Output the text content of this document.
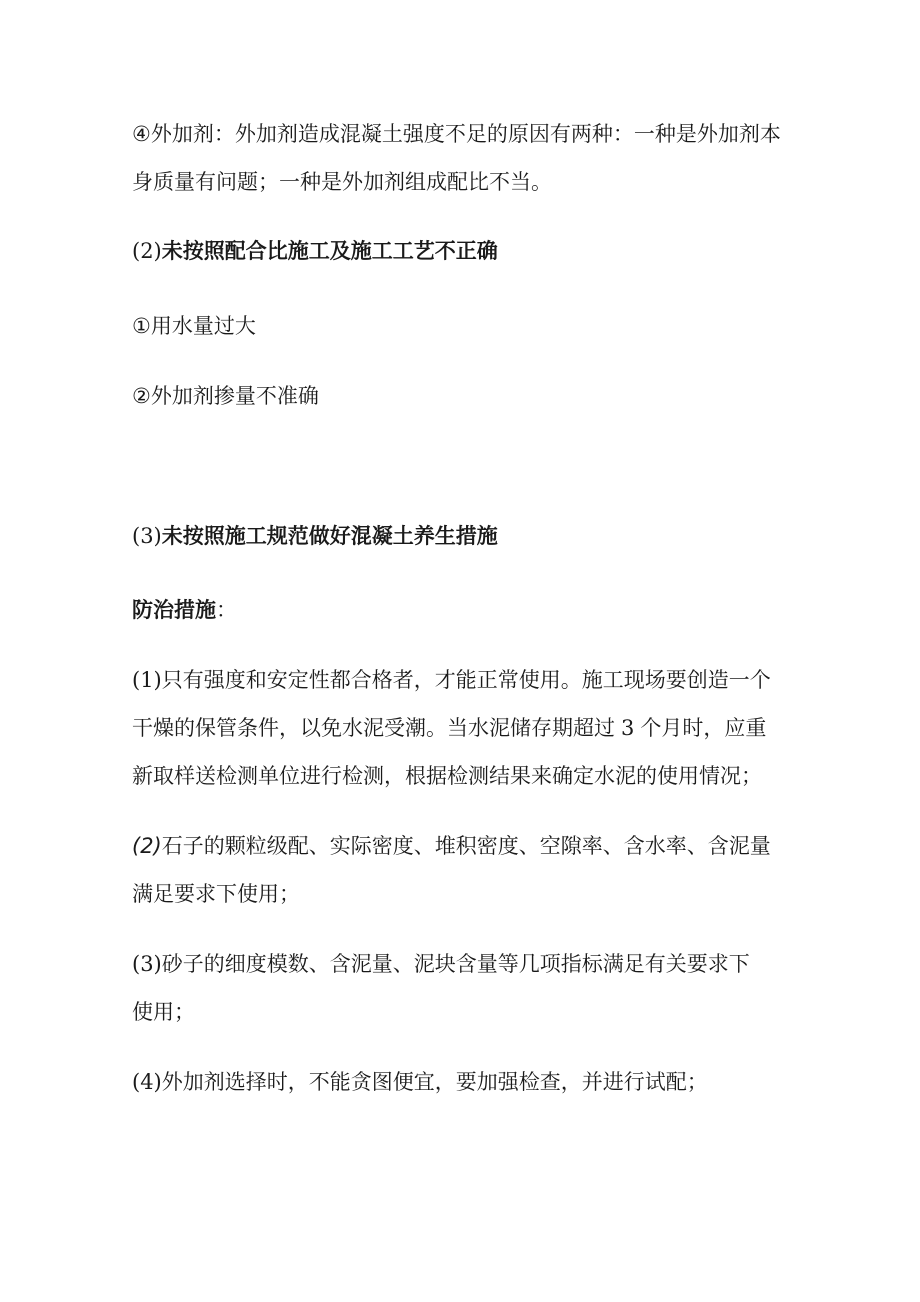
④外加剂：外加剂造成混凝土强度不足的原因有两种：一种是外加剂本
身质量有问题；一种是外加剂组成配比不当。

(2)未按照配合比施工及施工工艺不正确

①用水量过大

②外加剂掺量不准确

(3)未按照施工规范做好混凝土养生措施

防治措施：

(1)只有强度和安定性都合格者，才能正常使用。施工现场要创造一个
干燥的保管条件，以免水泥受潮。当水泥储存期超过 3 个月时，应重
新取样送检测单位进行检测，根据检测结果来确定水泥的使用情况；

(2)石子的颗粒级配、实际密度、堆积密度、空隙率、含水率、含泥量
满足要求下使用；

(3)砂子的细度模数、含泥量、泥块含量等几项指标满足有关要求下
使用；

(4)外加剂选择时，不能贪图便宜，要加强检查，并进行试配；
